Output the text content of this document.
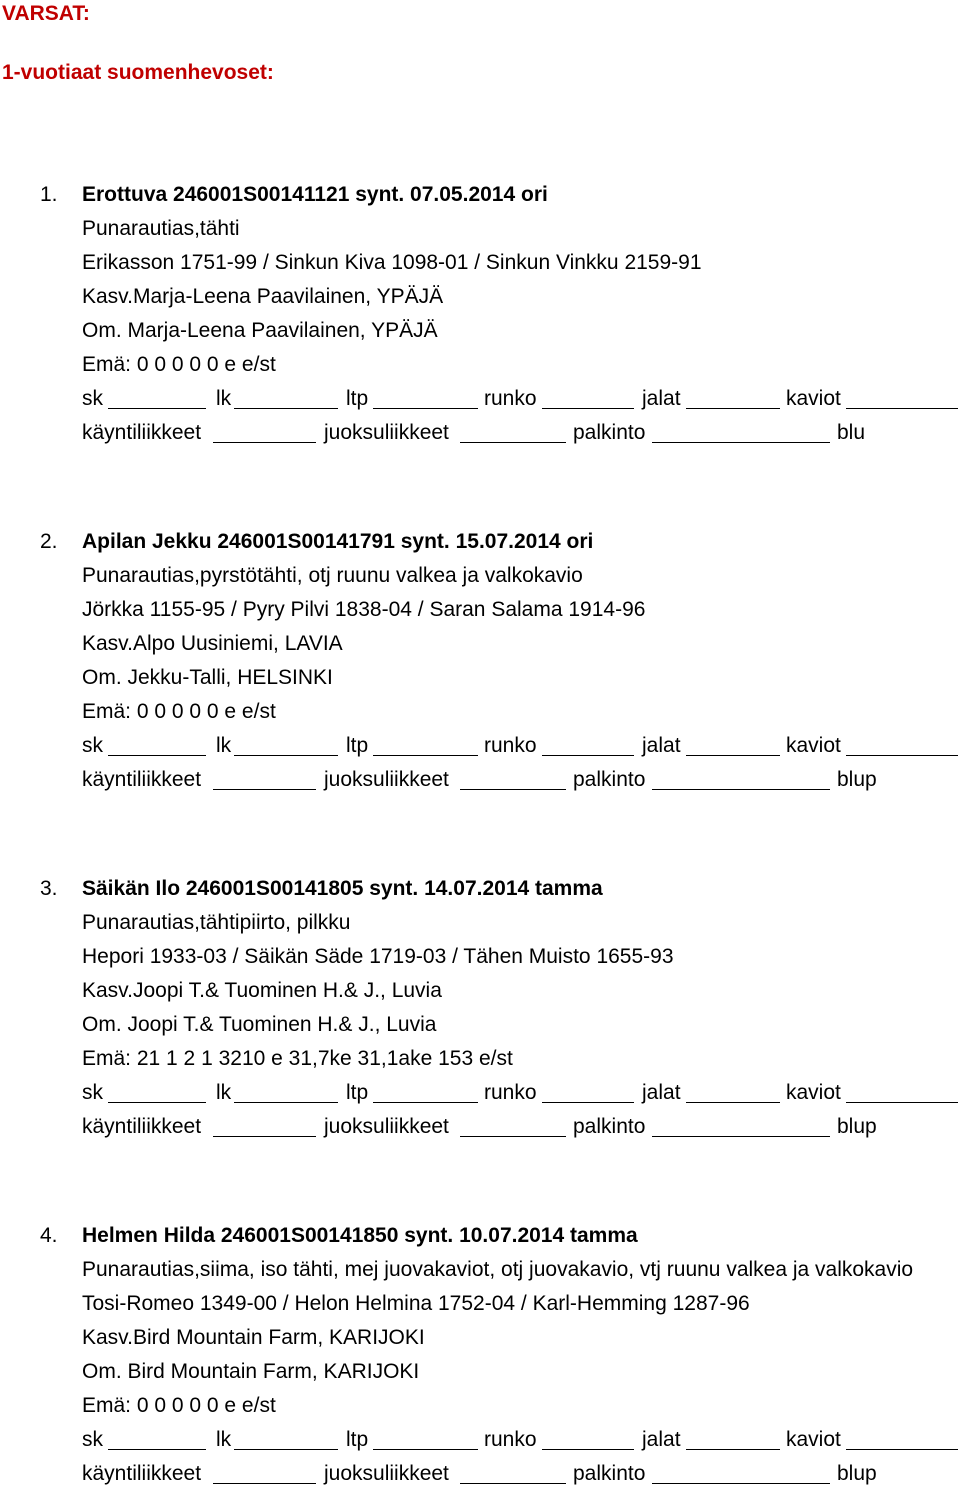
VARSAT:
1-vuotiaat suomenhevoset:
1. Erottuva 246001S00141121 synt. 07.05.2014 ori
Punarautias,tähti
Erikasson 1751-99 / Sinkun Kiva 1098-01 / Sinkun Vinkku 2159-91
Kasv.Marja-Leena Paavilainen, YPÄJÄ
Om. Marja-Leena Paavilainen, YPÄJÄ
Emä: 0 0 0 0 0 e e/st
sk	lk	ltp	runko	jalat	kaviot
käyntiliikkeet	juoksuliikkeet	palkinto	blu
2. Apilan Jekku 246001S00141791 synt. 15.07.2014 ori
Punarautias,pyrstötähti, otj ruunu valkea ja valkokavio
Jörkka 1155-95 / Pyry Pilvi 1838-04 / Saran Salama 1914-96
Kasv.Alpo Uusiniemi, LAVIA
Om. Jekku-Talli, HELSINKI
Emä: 0 0 0 0 0 e e/st
sk	lk	ltp	runko	jalat	kaviot
käyntiliikkeet	juoksuliikkeet	palkinto	blup
3. Säikän Ilo 246001S00141805 synt. 14.07.2014 tamma
Punarautias,tähtipiirto, pilkku
Hepori 1933-03 / Säikän Säde 1719-03 / Tähen Muisto 1655-93
Kasv.Joopi T.& Tuominen H.& J., Luvia
Om. Joopi T.& Tuominen H.& J., Luvia
Emä: 21 1 2 1 3210 e 31,7ke 31,1ake 153 e/st
sk	lk	ltp	runko	jalat	kaviot
käyntiliikkeet	juoksuliikkeet	palkinto	blup
4. Helmen Hilda 246001S00141850 synt. 10.07.2014 tamma
Punarautias,siima, iso tähti, mej juovakaviot, otj juovakavio, vtj ruunu valkea ja valkokavio
Tosi-Romeo 1349-00 / Helon Helmina 1752-04 / Karl-Hemming 1287-96
Kasv.Bird Mountain Farm, KARIJOKI
Om. Bird Mountain Farm, KARIJOKI
Emä: 0 0 0 0 0 e e/st
sk	lk	ltp	runko	jalat	kaviot
käyntiliikkeet	juoksuliikkeet	palkinto	blup
